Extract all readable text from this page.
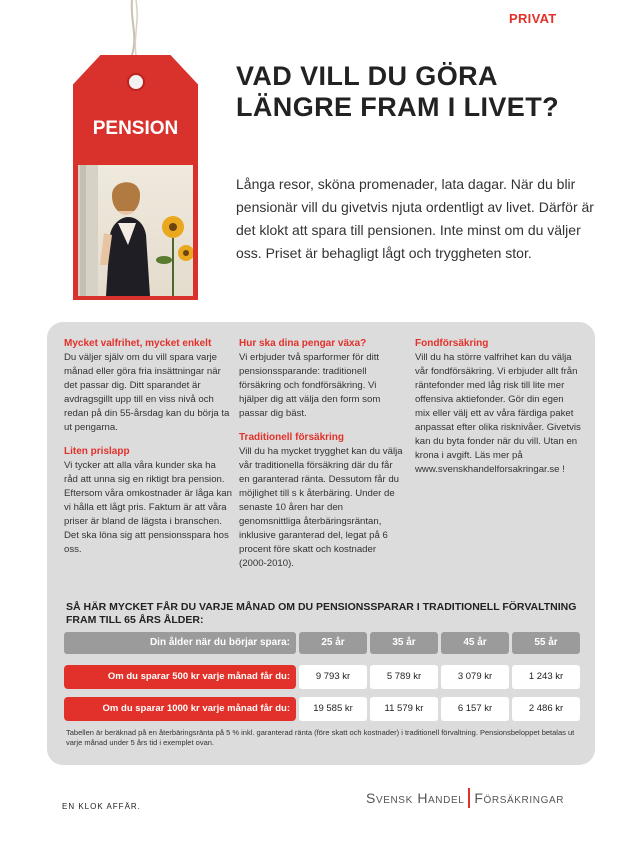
PRIVAT
PENSION
VAD VILL DU GÖRA LÄNGRE FRAM I LIVET?
Långa resor, sköna promenader, lata dagar. När du blir pensionär vill du givetvis njuta ordentligt av livet. Därför är det klokt att spara till pensionen. Inte minst om du väljer oss. Priset är behagligt lågt och tryggheten stor.
Mycket valfrihet, mycket enkelt

Du väljer själv om du vill spara varje månad eller göra fria insättningar när det passar dig. Ditt sparandet är avdragsgillt upp till en viss nivå och redan på din 55-årsdag kan du börja ta ut pengarna.

Liten prislapp

Vi tycker att alla våra kunder ska ha råd att unna sig en riktigt bra pension. Eftersom våra omkostnader är låga kan vi hålla ett lågt pris. Faktum är att våra priser är bland de lägsta i branschen. Det ska löna sig att pensionsspara hos oss.

Hur ska dina pengar växa?

Vi erbjuder två sparformer för ditt pensionssparande: traditionell försäkring och fondförsäkring. Vi hjälper dig att välja den form som passar dig bäst.

Traditionell försäkring

Vill du ha mycket trygghet kan du välja vår traditionella försäkring där du får en garanterad ränta. Dessutom får du möjlighet till s k återbäring. Under de senaste 10 åren har den genomsnittliga återbäringsräntan, inklusive garanterad del, legat på 6 procent före skatt och kostnader (2000-2010).

Fondförsäkring

Vill du ha större valfrihet kan du välja vår fondförsäkring. Vi erbjuder allt från räntefonder med låg risk till lite mer offensiva aktiefonder. Gör din egen mix eller välj ett av våra färdiga paket anpassat efter olika risknivåer. Givetvis kan du byta fonder när du vill. Utan en krona i avgift. Läs mer på www.svenskhandelforsakringar.se !

SÅ HÄR MYCKET FÅR DU VARJE MÅNAD OM DU PENSIONSSPARAR I TRADITIONELL FÖRVALTNING FRAM TILL 65 ÅRS ÅLDER:
Din ålder när du börjar spara:	25 år	35 år	45 år	55 år
Om du sparar 500 kr varje månad får du:	9 793 kr	5 789 kr	3 079 kr	1 243 kr
Om du sparar 1000 kr varje månad får du:	19 585 kr	11 579 kr	6 157 kr	2 486 kr
Tabellen är beräknad på en återbäringsränta på 5 % inkl. garanterad ränta (före skatt och kostnader) i traditionell förvaltning. Pensionsbeloppet betalas ut varje månad under 5 års tid i exemplet ovan.
EN KLOK AFFÄR.
Svensk Handel Försäkringar
